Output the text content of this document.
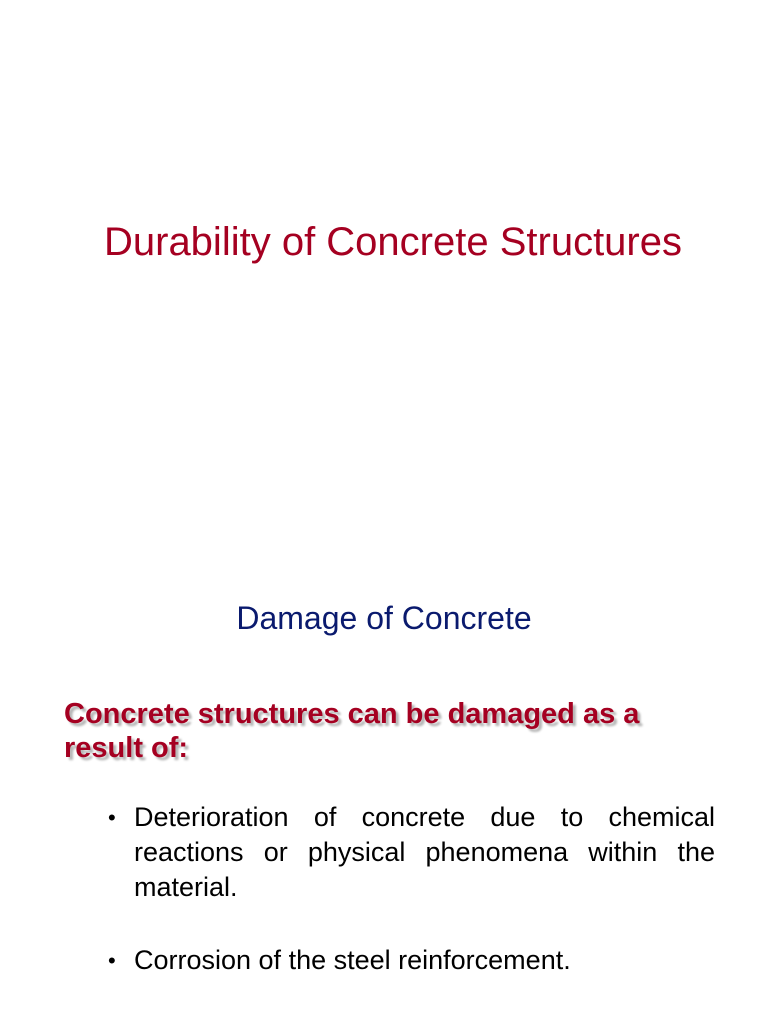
Durability of Concrete Structures
Damage of Concrete
Concrete structures can be damaged as a result of:
• Deterioration of concrete due to chemical reactions or physical phenomena within the material.
• Corrosion of the steel reinforcement.
